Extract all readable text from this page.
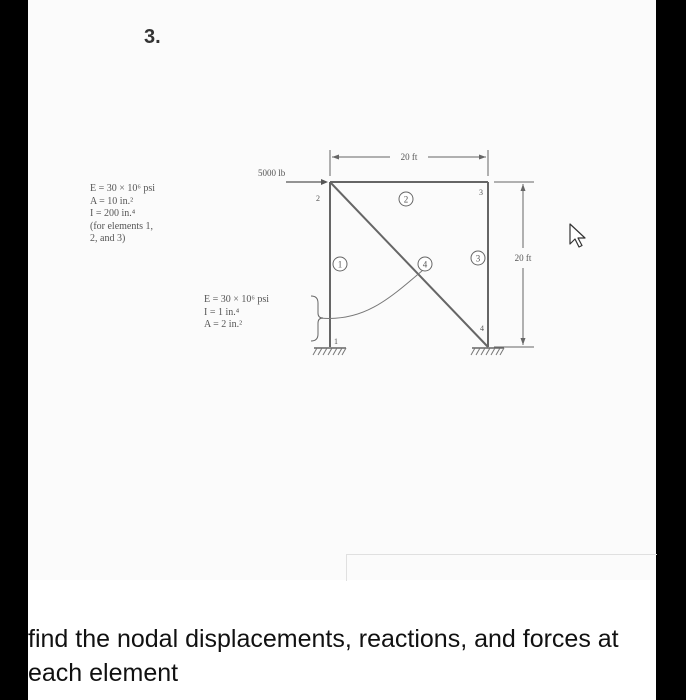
3.
1
2
3
4
1
2
3
4
5000 lb
20 ft
20 ft
E = 30 × 10⁶ psi
A = 10 in.²
I = 200 in.⁴
(for elements 1,
2, and 3)
E = 30 × 10⁶ psi
I = 1 in.⁴
A = 2 in.²
find the nodal displacements, reactions, and forces at each element
